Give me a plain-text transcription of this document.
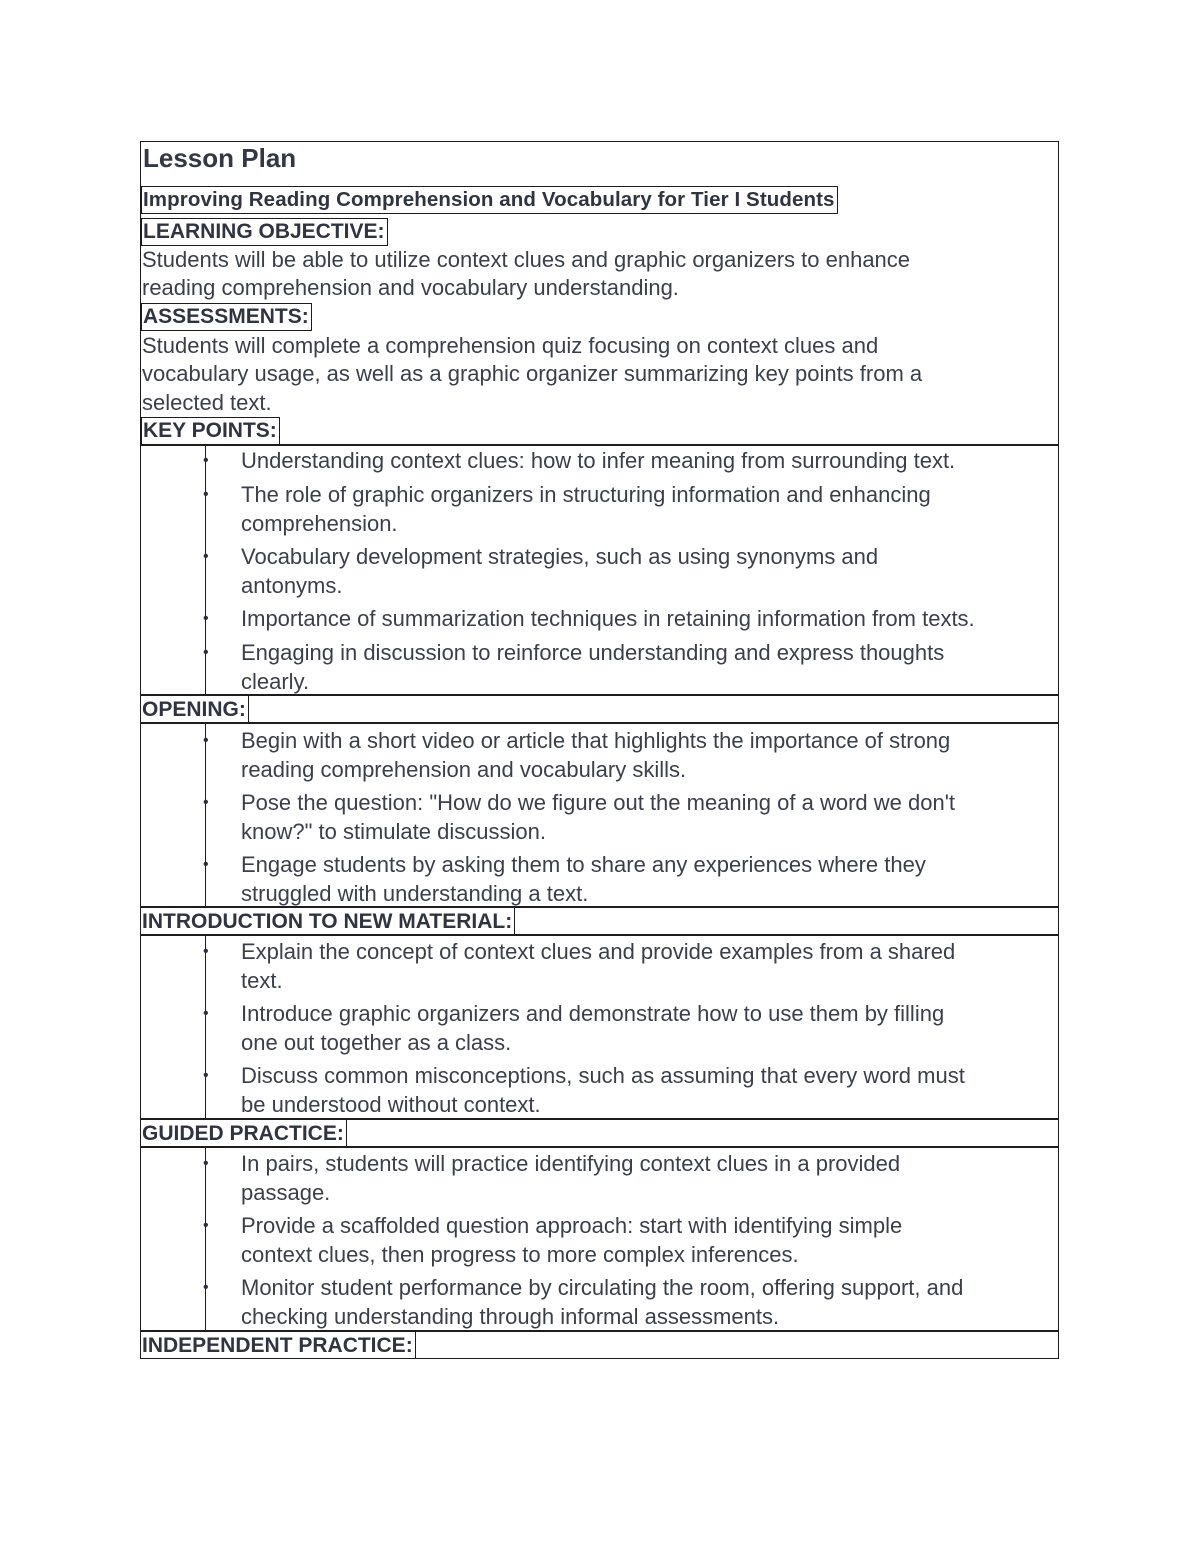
Lesson Plan
Improving Reading Comprehension and Vocabulary for Tier I Students
LEARNING OBJECTIVE:
Students will be able to utilize context clues and graphic organizers to enhance
reading comprehension and vocabulary understanding.
ASSESSMENTS:
Students will complete a comprehension quiz focusing on context clues and
vocabulary usage, as well as a graphic organizer summarizing key points from a
selected text.
KEY POINTS:
• Understanding context clues: how to infer meaning from surrounding text.
• The role of graphic organizers in structuring information and enhancing
comprehension.
• Vocabulary development strategies, such as using synonyms and
antonyms.
• Importance of summarization techniques in retaining information from texts.
• Engaging in discussion to reinforce understanding and express thoughts
clearly.
OPENING:
• Begin with a short video or article that highlights the importance of strong
reading comprehension and vocabulary skills.
• Pose the question: "How do we figure out the meaning of a word we don't
know?" to stimulate discussion.
• Engage students by asking them to share any experiences where they
struggled with understanding a text.
INTRODUCTION TO NEW MATERIAL:
• Explain the concept of context clues and provide examples from a shared
text.
• Introduce graphic organizers and demonstrate how to use them by filling
one out together as a class.
• Discuss common misconceptions, such as assuming that every word must
be understood without context.
GUIDED PRACTICE:
• In pairs, students will practice identifying context clues in a provided
passage.
• Provide a scaffolded question approach: start with identifying simple
context clues, then progress to more complex inferences.
• Monitor student performance by circulating the room, offering support, and
checking understanding through informal assessments.
INDEPENDENT PRACTICE:
